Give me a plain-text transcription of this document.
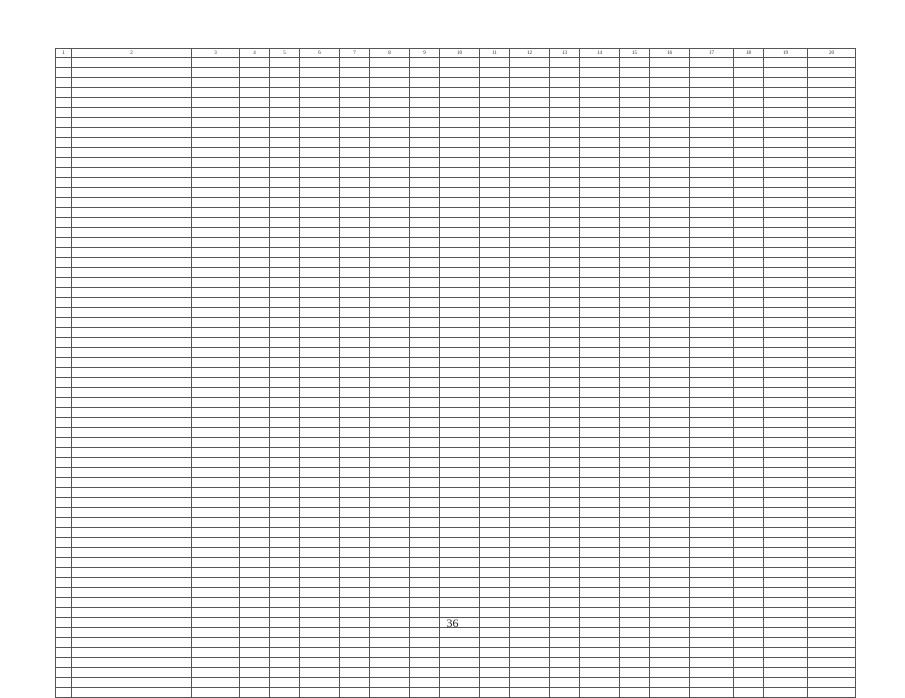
1	2	3	4	5	6	7	8	9	10	11	12	13	14	15	16	17	18	19	20

36
